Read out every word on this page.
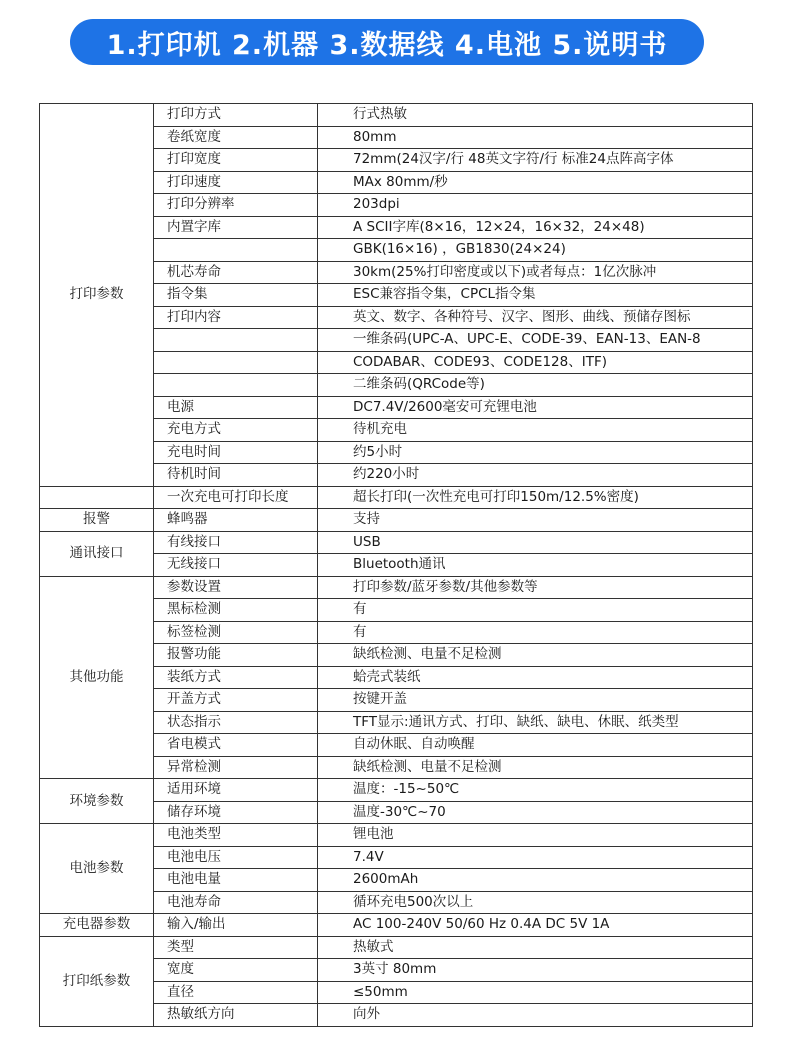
1.打印机 2.机器 3.数据线 4.电池 5.说明书
打印参数	打印方式	行式热敏
	卷纸宽度	80mm
	打印宽度	72mm(24汉字/行 48英文字符/行 标准24点阵高字体
	打印速度	MAx 80mm/秒
	打印分辨率	203dpi
	内置字库	A SCII字库(8×16，12×24，16×32，24×48)
		GBK(16×16) ，GB1830(24×24)
	机芯寿命	30km(25%打印密度或以下)或者每点：1亿次脉冲
	指令集	ESC兼容指令集，CPCL指令集
	打印内容	英文、数字、各种符号、汉字、图形、曲线、预储存图标
		一维条码(UPC-A、UPC-E、CODE-39、EAN-13、EAN-8
		CODABAR、CODE93、CODE128、ITF)
		二维条码(QRCode等)
	电源	DC7.4V/2600毫安可充锂电池
	充电方式	待机充电
	充电时间	约5小时
	待机时间	约220小时
	一次充电可打印长度	超长打印(一次性充电可打印150m/12.5%密度)
报警	蜂鸣器	支持
通讯接口	有线接口	USB
	无线接口	Bluetooth通讯
其他功能	参数设置	打印参数/蓝牙参数/其他参数等
	黑标检测	有
	标签检测	有
	报警功能	缺纸检测、电量不足检测
	装纸方式	蛤壳式装纸
	开盖方式	按键开盖
	状态指示	TFT显示:通讯方式、打印、缺纸、缺电、休眠、纸类型
	省电模式	自动休眠、自动唤醒
	异常检测	缺纸检测、电量不足检测
环境参数	适用环境	温度：-15~50℃
	储存环境	温度-30℃~70
电池参数	电池类型	锂电池
	电池电压	7.4V
	电池电量	2600mAh
	电池寿命	循环充电500次以上
充电器参数	输入/输出	AC 100-240V 50/60 Hz 0.4A DC 5V 1A
打印纸参数	类型	热敏式
	宽度	3英寸 80mm
	直径	≤50mm
	热敏纸方向	向外
